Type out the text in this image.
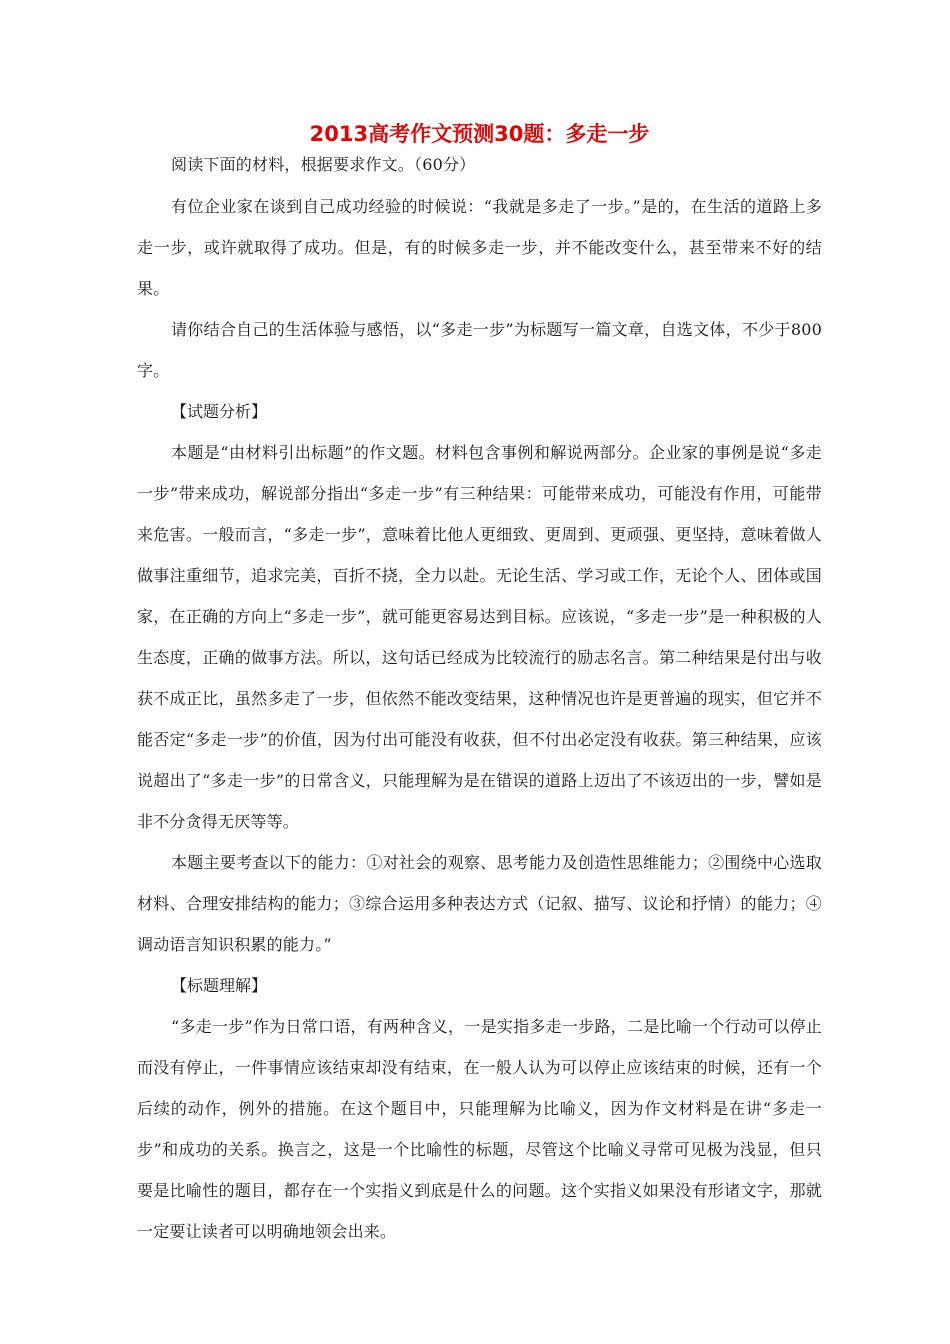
2013高考作文预测30题：多走一步

阅读下面的材料，根据要求作文。（60分）

有位企业家在谈到自己成功经验的时候说：“我就是多走了一步。”是的，在生活的道路上多走一步，或许就取得了成功。但是，有的时候多走一步，并不能改变什么，甚至带来不好的结果。

请你结合自己的生活体验与感悟，以“多走一步”为标题写一篇文章，自选文体，不少于800字。

【试题分析】

本题是“由材料引出标题”的作文题。材料包含事例和解说两部分。企业家的事例是说“多走一步”带来成功，解说部分指出“多走一步”有三种结果：可能带来成功，可能没有作用，可能带来危害。一般而言，“多走一步”，意味着比他人更细致、更周到、更顽强、更坚持，意味着做人做事注重细节，追求完美，百折不挠，全力以赴。无论生活、学习或工作，无论个人、团体或国家，在正确的方向上“多走一步”，就可能更容易达到目标。应该说，“多走一步”是一种积极的人生态度，正确的做事方法。所以，这句话已经成为比较流行的励志名言。第二种结果是付出与收获不成正比，虽然多走了一步，但依然不能改变结果，这种情况也许是更普遍的现实，但它并不能否定“多走一步”的价值，因为付出可能没有收获，但不付出必定没有收获。第三种结果，应该说超出了“多走一步”的日常含义，只能理解为是在错误的道路上迈出了不该迈出的一步，譬如是非不分贪得无厌等等。

本题主要考查以下的能力：①对社会的观察、思考能力及创造性思维能力；②围绕中心选取材料、合理安排结构的能力；③综合运用多种表达方式（记叙、描写、议论和抒情）的能力；④调动语言知识积累的能力。”

【标题理解】

“多走一步”作为日常口语，有两种含义，一是实指多走一步路，二是比喻一个行动可以停止而没有停止，一件事情应该结束却没有结束，在一般人认为可以停止应该结束的时候，还有一个后续的动作，例外的措施。在这个题目中，只能理解为比喻义，因为作文材料是在讲“多走一步”和成功的关系。换言之，这是一个比喻性的标题，尽管这个比喻义寻常可见极为浅显，但只要是比喻性的题目，都存在一个实指义到底是什么的问题。这个实指义如果没有形诸文字，那就一定要让读者可以明确地领会出来。
